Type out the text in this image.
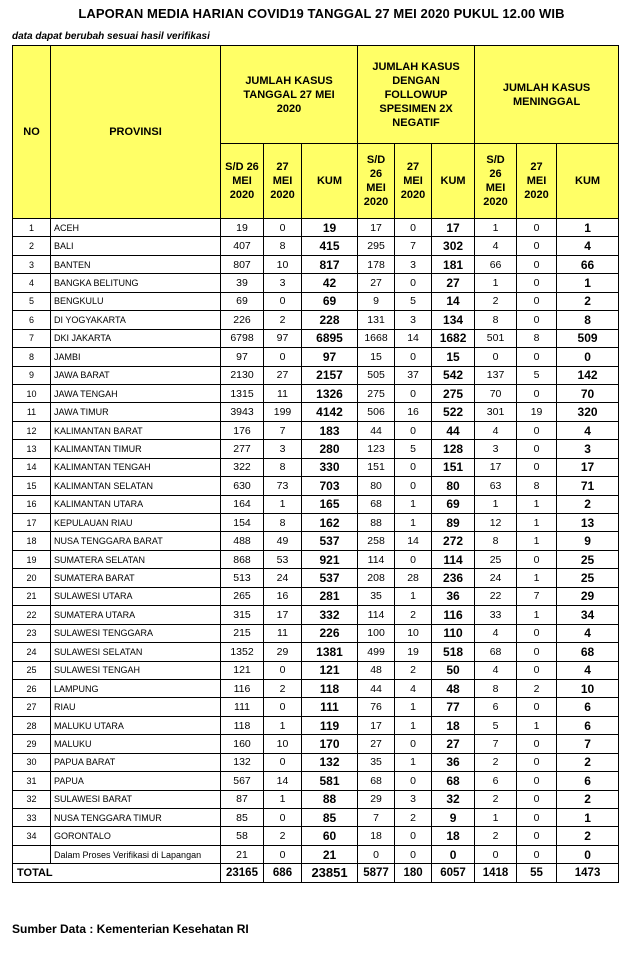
LAPORAN MEDIA HARIAN COVID19 TANGGAL 27 MEI 2020 PUKUL 12.00 WIB
data dapat berubah sesuai hasil verifikasi
NO	PROVINSI	JUMLAH KASUS TANGGAL 27 MEI 2020			JUMLAH KASUS DENGAN FOLLOWUP SPESIMEN 2X NEGATIF			JUMLAH KASUS MENINGGAL		
		S/D 26 MEI 2020	27 MEI 2020	KUM	S/D 26 MEI 2020	27 MEI 2020	KUM	S/D 26 MEI 2020	27 MEI 2020	KUM
1	ACEH	19	0	19	17	0	17	1	0	1
2	BALI	407	8	415	295	7	302	4	0	4
3	BANTEN	807	10	817	178	3	181	66	0	66
4	BANGKA BELITUNG	39	3	42	27	0	27	1	0	1
5	BENGKULU	69	0	69	9	5	14	2	0	2
6	DI YOGYAKARTA	226	2	228	131	3	134	8	0	8
7	DKI JAKARTA	6798	97	6895	1668	14	1682	501	8	509
8	JAMBI	97	0	97	15	0	15	0	0	0
9	JAWA BARAT	2130	27	2157	505	37	542	137	5	142
10	JAWA TENGAH	1315	11	1326	275	0	275	70	0	70
11	JAWA TIMUR	3943	199	4142	506	16	522	301	19	320
12	KALIMANTAN BARAT	176	7	183	44	0	44	4	0	4
13	KALIMANTAN TIMUR	277	3	280	123	5	128	3	0	3
14	KALIMANTAN TENGAH	322	8	330	151	0	151	17	0	17
15	KALIMANTAN SELATAN	630	73	703	80	0	80	63	8	71
16	KALIMANTAN UTARA	164	1	165	68	1	69	1	1	2
17	KEPULAUAN RIAU	154	8	162	88	1	89	12	1	13
18	NUSA TENGGARA BARAT	488	49	537	258	14	272	8	1	9
19	SUMATERA SELATAN	868	53	921	114	0	114	25	0	25
20	SUMATERA BARAT	513	24	537	208	28	236	24	1	25
21	SULAWESI UTARA	265	16	281	35	1	36	22	7	29
22	SUMATERA UTARA	315	17	332	114	2	116	33	1	34
23	SULAWESI TENGGARA	215	11	226	100	10	110	4	0	4
24	SULAWESI SELATAN	1352	29	1381	499	19	518	68	0	68
25	SULAWESI TENGAH	121	0	121	48	2	50	4	0	4
26	LAMPUNG	116	2	118	44	4	48	8	2	10
27	RIAU	111	0	111	76	1	77	6	0	6
28	MALUKU UTARA	118	1	119	17	1	18	5	1	6
29	MALUKU	160	10	170	27	0	27	7	0	7
30	PAPUA BARAT	132	0	132	35	1	36	2	0	2
31	PAPUA	567	14	581	68	0	68	6	0	6
32	SULAWESI BARAT	87	1	88	29	3	32	2	0	2
33	NUSA TENGGARA TIMUR	85	0	85	7	2	9	1	0	1
34	GORONTALO	58	2	60	18	0	18	2	0	2
	Dalam Proses Verifikasi di Lapangan	21	0	21	0	0	0	0	0	0
TOTAL		23165	686	23851	5877	180	6057	1418	55	1473
Sumber Data : Kementerian Kesehatan RI
